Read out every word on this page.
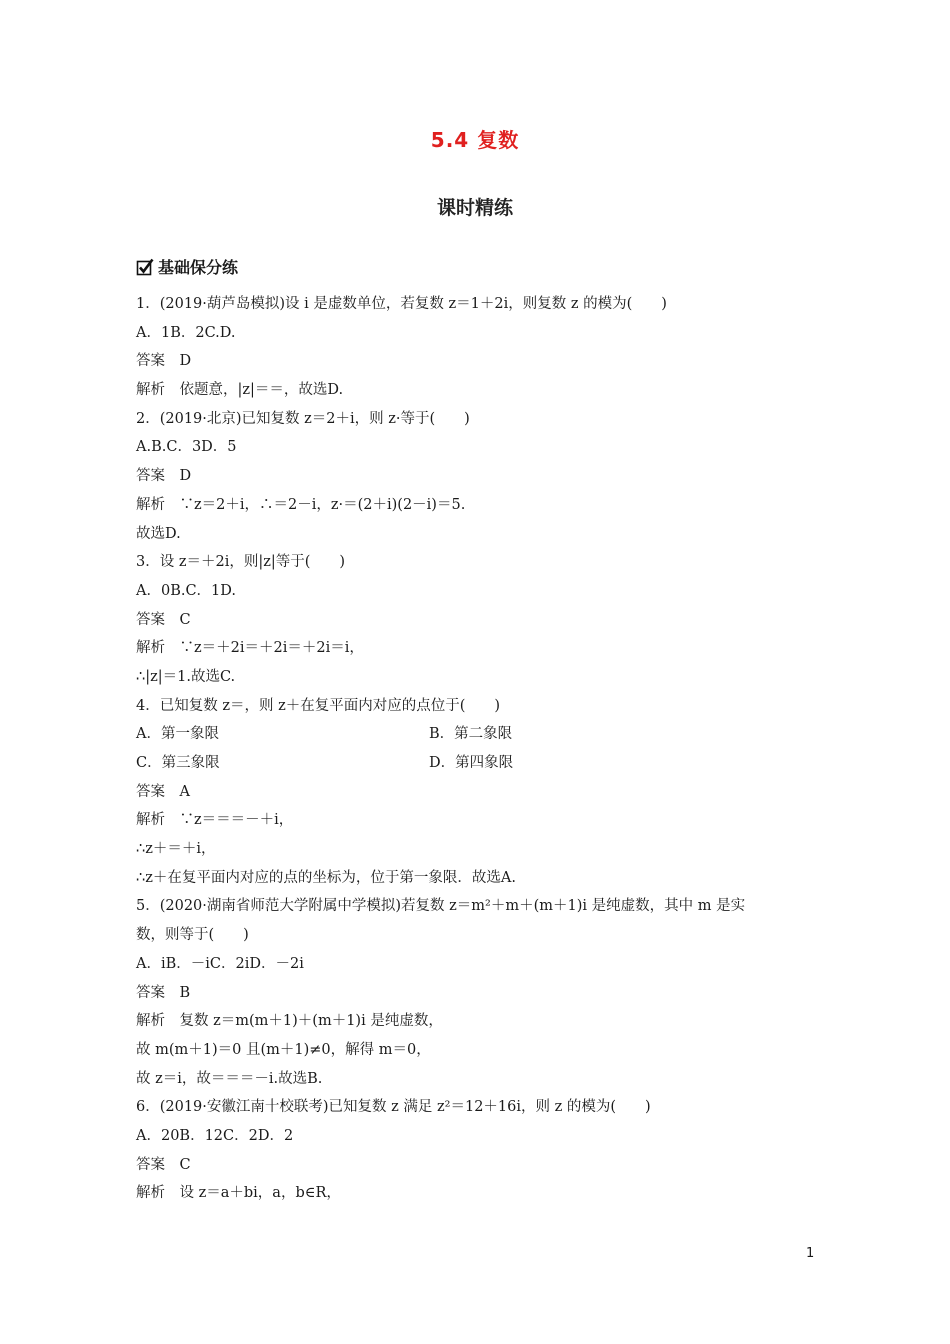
5.4 复数
课时精练
基础保分练
1．(2019·葫芦岛模拟)设 i 是虚数单位，若复数 z＝1＋2i，则复数 z 的模为(　　)
A．1B．2C.D.
答案　D
解析　依题意，|z|＝＝，故选D.
2．(2019·北京)已知复数 z＝2＋i，则 z·等于(　　)
A.B.C．3D．5
答案　D
解析　∵z＝2＋i，∴＝2－i，z·＝(2＋i)(2－i)＝5.
故选D.
3．设 z＝＋2i，则|z|等于(　　)
A．0B.C．1D.
答案　C
解析　∵z＝＋2i＝＋2i＝＋2i＝i，
∴|z|＝1.故选C.
4．已知复数 z＝，则 z＋在复平面内对应的点位于(　　)
A．第一象限	B．第二象限
C．第三象限	D．第四象限
答案　A
解析　∵z＝＝＝－＋i，
∴z＋＝＋i，
∴z＋在复平面内对应的点的坐标为，位于第一象限．故选A.
5．(2020·湖南省师范大学附属中学模拟)若复数 z＝m²＋m＋(m＋1)i 是纯虚数，其中 m 是实
数，则等于(　　)
A．iB．－iC．2iD．－2i
答案　B
解析　复数 z＝m(m＋1)＋(m＋1)i 是纯虚数，
故 m(m＋1)＝0 且(m＋1)≠0，解得 m＝0，
故 z＝i，故＝＝＝－i.故选B.
6．(2019·安徽江南十校联考)已知复数 z 满足 z²＝12＋16i，则 z 的模为(　　)
A．20B．12C．2D．2
答案　C
解析　设 z＝a＋bi，a，b∈R，
1
